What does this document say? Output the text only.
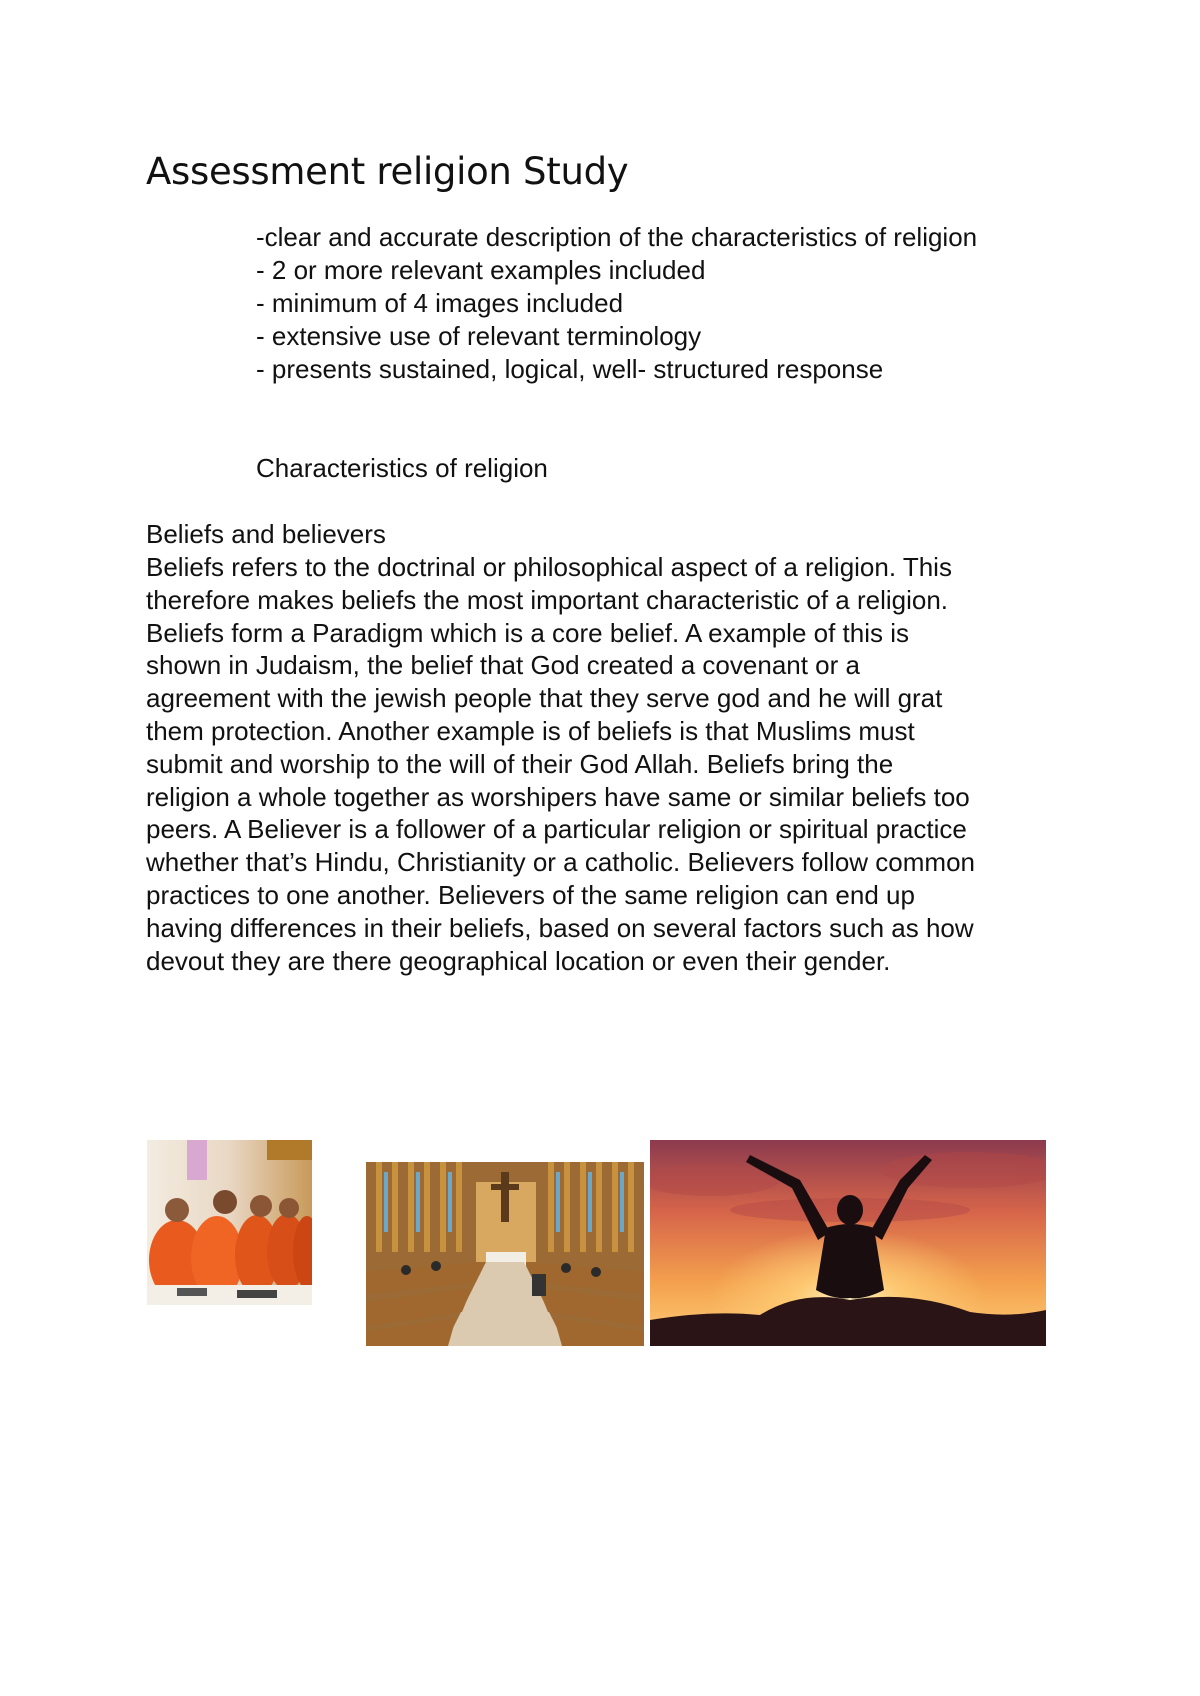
Assessment religion Study
-clear and accurate description of the characteristics of religion
- 2 or more relevant examples included
- minimum of 4 images included
- extensive use of relevant terminology
- presents sustained, logical, well- structured response
Characteristics of religion
Beliefs and believers

Beliefs refers to the doctrinal or philosophical aspect of a religion. This
therefore makes beliefs the most important characteristic of a religion.
Beliefs form a Paradigm which is a core belief. A example of this is
shown in Judaism, the belief that God created a covenant or a
agreement with the jewish people that they serve god and he will grat
them protection. Another example is of beliefs is that Muslims must
submit and worship to the will of their God Allah. Beliefs bring the
religion a whole together as worshipers have same or similar beliefs too
peers. A Believer is a follower of a particular religion or spiritual practice
whether that’s Hindu, Christianity or a catholic. Believers follow common
practices to one another. Believers of the same religion can end up
having differences in their beliefs, based on several factors such as how
devout they are there geographical location or even their gender.
